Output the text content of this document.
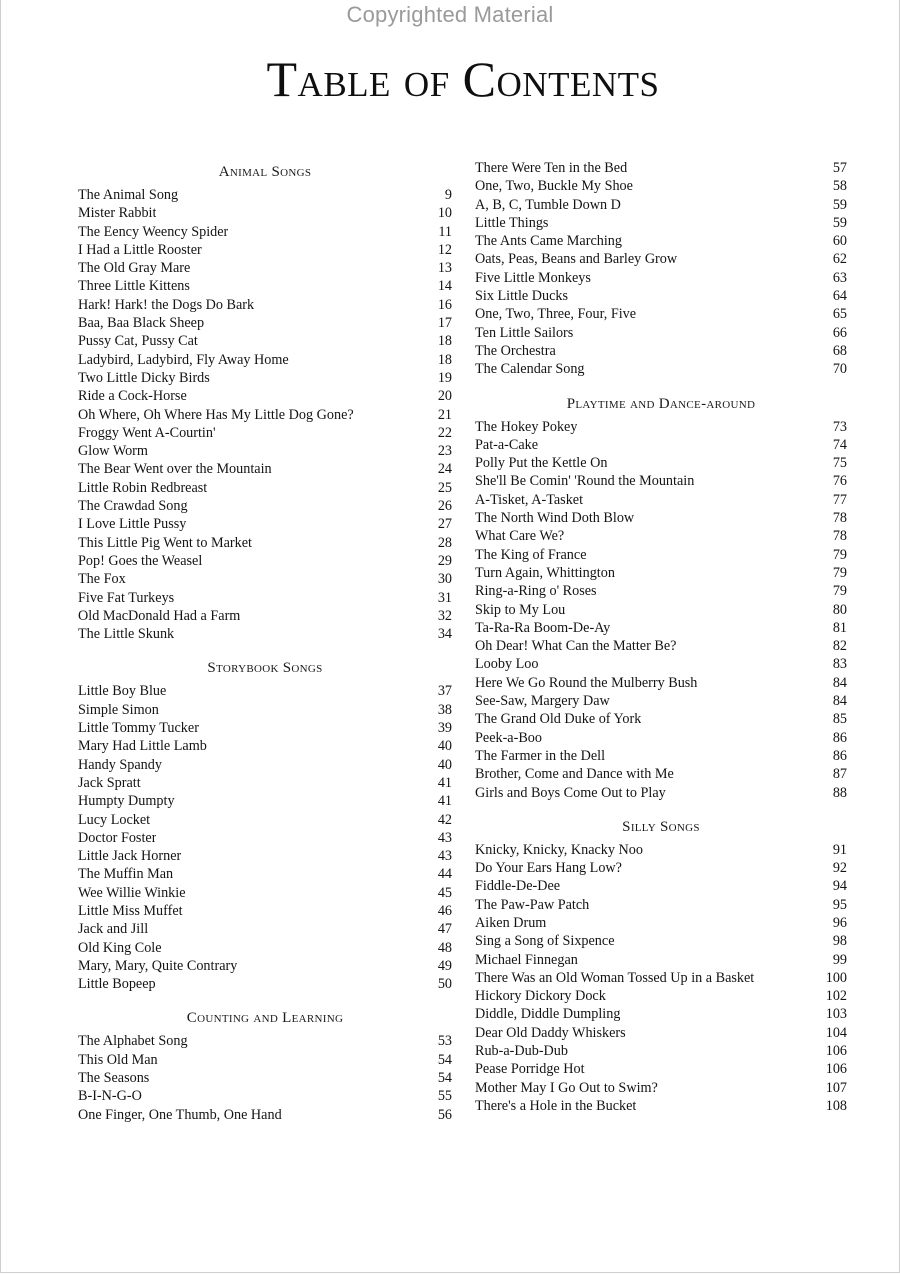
Copyrighted Material
Table of Contents
Animal Songs
The Animal Song	9
Mister Rabbit	10
The Eency Weency Spider	11
I Had a Little Rooster	12
The Old Gray Mare	13
Three Little Kittens	14
Hark! Hark! the Dogs Do Bark	16
Baa, Baa Black Sheep	17
Pussy Cat, Pussy Cat	18
Ladybird, Ladybird, Fly Away Home	18
Two Little Dicky Birds	19
Ride a Cock-Horse	20
Oh Where, Oh Where Has My Little Dog Gone?	21
Froggy Went A-Courtin'	22
Glow Worm	23
The Bear Went over the Mountain	24
Little Robin Redbreast	25
The Crawdad Song	26
I Love Little Pussy	27
This Little Pig Went to Market	28
Pop! Goes the Weasel	29
The Fox	30
Five Fat Turkeys	31
Old MacDonald Had a Farm	32
The Little Skunk	34
Storybook Songs
Little Boy Blue	37
Simple Simon	38
Little Tommy Tucker	39
Mary Had Little Lamb	40
Handy Spandy	40
Jack Spratt	41
Humpty Dumpty	41
Lucy Locket	42
Doctor Foster	43
Little Jack Horner	43
The Muffin Man	44
Wee Willie Winkie	45
Little Miss Muffet	46
Jack and Jill	47
Old King Cole	48
Mary, Mary, Quite Contrary	49
Little Bopeep	50
Counting and Learning
The Alphabet Song	53
This Old Man	54
The Seasons	54
B-I-N-G-O	55
One Finger, One Thumb, One Hand	56
There Were Ten in the Bed	57
One, Two, Buckle My Shoe	58
A, B, C, Tumble Down D	59
Little Things	59
The Ants Came Marching	60
Oats, Peas, Beans and Barley Grow	62
Five Little Monkeys	63
Six Little Ducks	64
One, Two, Three, Four, Five	65
Ten Little Sailors	66
The Orchestra	68
The Calendar Song	70
Playtime and Dance-around
The Hokey Pokey	73
Pat-a-Cake	74
Polly Put the Kettle On	75
She'll Be Comin' 'Round the Mountain	76
A-Tisket, A-Tasket	77
The North Wind Doth Blow	78
What Care We?	78
The King of France	79
Turn Again, Whittington	79
Ring-a-Ring o' Roses	79
Skip to My Lou	80
Ta-Ra-Ra Boom-De-Ay	81
Oh Dear! What Can the Matter Be?	82
Looby Loo	83
Here We Go Round the Mulberry Bush	84
See-Saw, Margery Daw	84
The Grand Old Duke of York	85
Peek-a-Boo	86
The Farmer in the Dell	86
Brother, Come and Dance with Me	87
Girls and Boys Come Out to Play	88
Silly Songs
Knicky, Knicky, Knacky Noo	91
Do Your Ears Hang Low?	92
Fiddle-De-Dee	94
The Paw-Paw Patch	95
Aiken Drum	96
Sing a Song of Sixpence	98
Michael Finnegan	99
There Was an Old Woman Tossed Up in a Basket	100
Hickory Dickory Dock	102
Diddle, Diddle Dumpling	103
Dear Old Daddy Whiskers	104
Rub-a-Dub-Dub	106
Pease Porridge Hot	106
Mother May I Go Out to Swim?	107
There's a Hole in the Bucket	108
